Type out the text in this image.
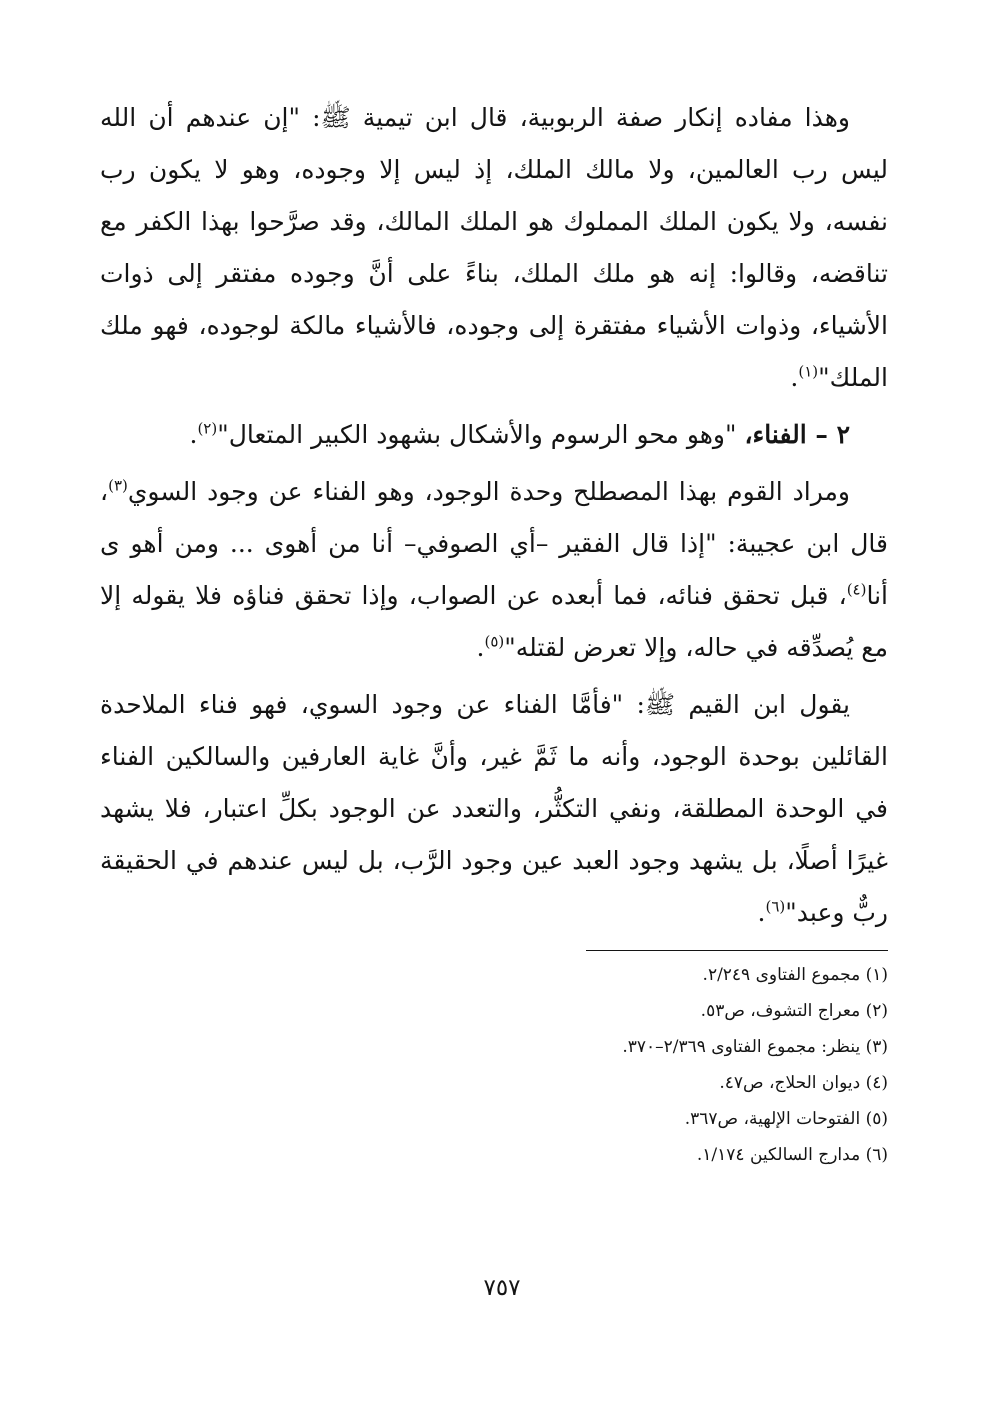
وهذا مفاده إنكار صفة الربوبية، قال ابن تيمية ﷺ: "إن عندهم أن الله ليس رب العالمين، ولا مالك الملك، إذ ليس إلا وجوده، وهو لا يكون رب نفسه، ولا يكون الملك المملوك هو الملك المالك، وقد صرَّحوا بهذا الكفر مع تناقضه، وقالوا: إنه هو ملك الملك، بناءً على أنَّ وجوده مفتقر إلى ذوات الأشياء، وذوات الأشياء مفتقرة إلى وجوده، فالأشياء مالكة لوجوده، فهو ملك الملك"$^{(١)}$.

٢ – الفناء، "وهو محو الرسوم والأشكال بشهود الكبير المتعال"$^{(٢)}$.

ومراد القوم بهذا المصطلح وحدة الوجود، وهو الفناء عن وجود السوي$^{(٣)}$، قال ابن عجيبة: "إذا قال الفقير –أي الصوفي– أنا من أهوى ... ومن أهو ى أنا$^{(٤)}$، قبل تحقق فنائه، فما أبعده عن الصواب، وإذا تحقق فناؤه فلا يقوله إلا مع يُصدِّقه في حاله، وإلا تعرض لقتله"$^{(٥)}$.

يقول ابن القيم ﷺ: "فأمَّا الفناء عن وجود السوي، فهو فناء الملاحدة القائلين بوحدة الوجود، وأنه ما ثَمَّ غير، وأنَّ غاية العارفين والسالكين الفناء في الوحدة المطلقة، ونفي التكثُّر، والتعدد عن الوجود بكلِّ اعتبار، فلا يشهد غيرًا أصلًا، بل يشهد وجود العبد عين وجود الرَّب، بل ليس عندهم في الحقيقة ربٌّ وعبد"$^{(٦)}$.

(١) مجموع الفتاوى ٢/٢٤٩.
(٢) معراج التشوف، ص٥٣.
(٣) ينظر: مجموع الفتاوى ٢/٣٦٩–٣٧٠.
(٤) ديوان الحلاج، ص٤٧.
(٥) الفتوحات الإلهية، ص٣٦٧.
(٦) مدارج السالكين ١/١٧٤.
٧٥٧
